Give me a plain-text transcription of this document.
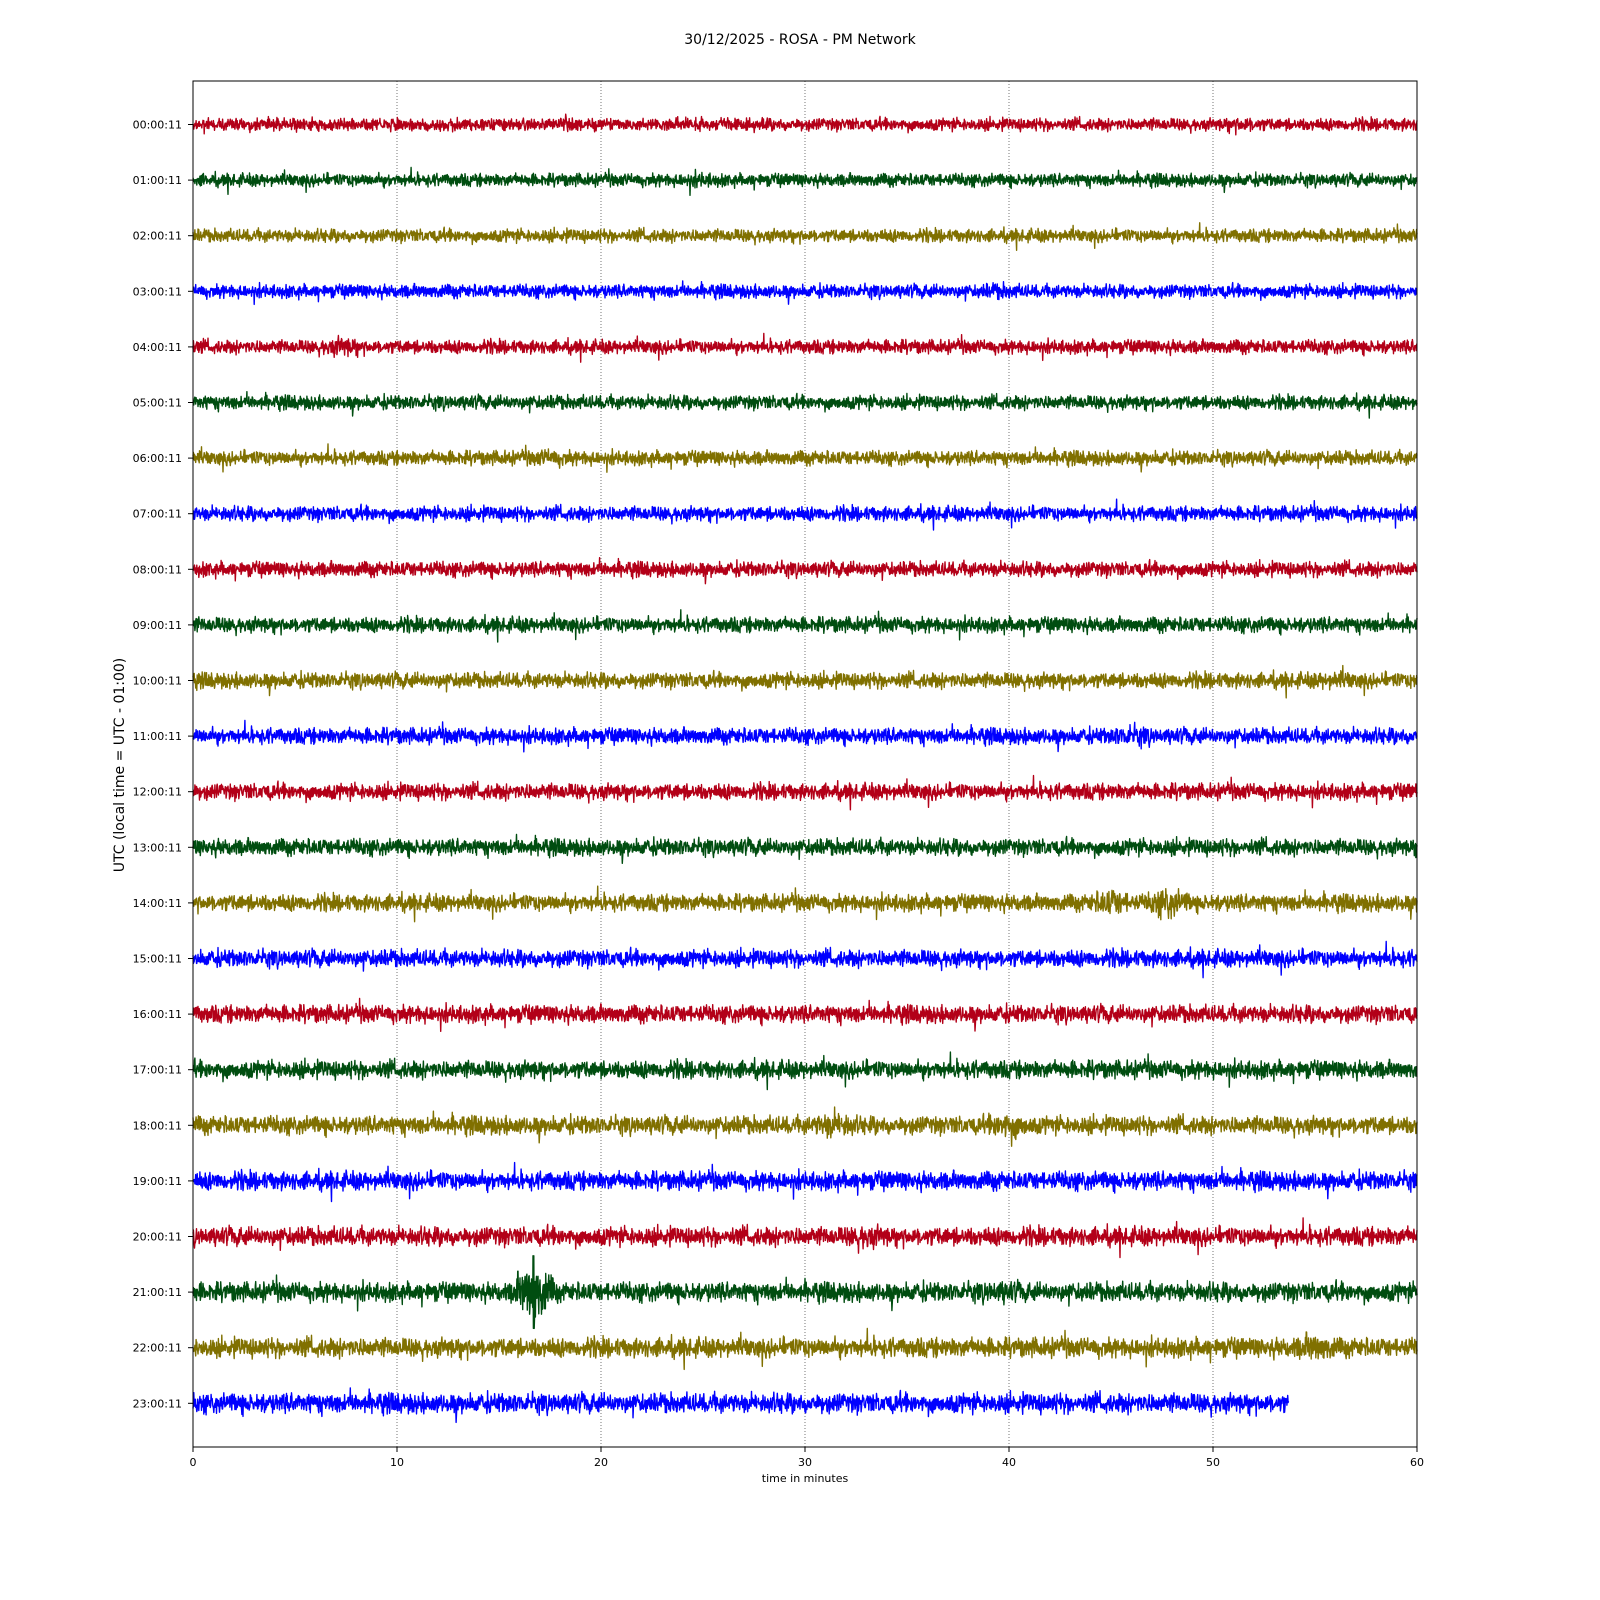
30/12/2025 - ROSA - PM Network
0	10	20	30	40	50	60
00:00:11
01:00:11
02:00:11
03:00:11
04:00:11
05:00:11
06:00:11
07:00:11
08:00:11
09:00:11
10:00:11
11:00:11
12:00:11
13:00:11
14:00:11
15:00:11
16:00:11
17:00:11
18:00:11
19:00:11
20:00:11
21:00:11
22:00:11
23:00:11
time in minutes
UTC (local time = UTC - 01:00)
